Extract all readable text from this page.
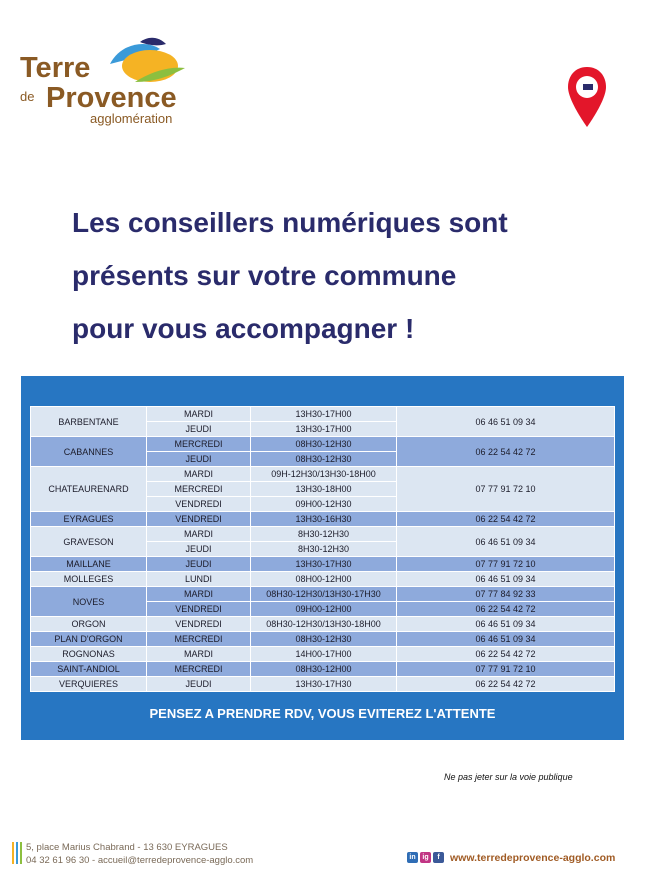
Terre
de Provence
agglomération
Les conseillers numériques sont
présents sur votre commune
pour vous accompagner !
BARBENTANE	MARDI	13H30-17H00	06 46 51 09 34
	JEUDI	13H30-17H00	
CABANNES	MERCREDI	08H30-12H30	06 22 54 42 72
	JEUDI	08H30-12H30	
CHATEAURENARD	MARDI	09H-12H30/13H30-18H00	07 77 91 72 10
	MERCREDI	13H30-18H00	
	VENDREDI	09H00-12H30	
EYRAGUES	VENDREDI	13H30-16H30	06 22 54 42 72
GRAVESON	MARDI	8H30-12H30	06 46 51 09 34
	JEUDI	8H30-12H30	
MAILLANE	JEUDI	13H30-17H30	07 77 91 72 10
MOLLEGES	LUNDI	08H00-12H00	06 46 51 09 34
NOVES	MARDI	08H30-12H30/13H30-17H30	07 77 84 92 33
	VENDREDI	09H00-12H00	06 22 54 42 72
ORGON	VENDREDI	08H30-12H30/13H30-18H00	06 46 51 09 34
PLAN D'ORGON	MERCREDI	08H30-12H30	06 46 51 09 34
ROGNONAS	MARDI	14H00-17H00	06 22 54 42 72
SAINT-ANDIOL	MERCREDI	08H30-12H00	07 77 91 72 10
VERQUIERES	JEUDI	13H30-17H30	06 22 54 42 72
PENSEZ A PRENDRE RDV, VOUS EVITEREZ L'ATTENTE
Ne pas jeter sur la voie publique
5, place Marius Chabrand - 13 630 EYRAGUES
04 32 61 96 30 - accueil@terredeprovence-agglo.com	in ig	f www.terredeprovence-agglo.com
